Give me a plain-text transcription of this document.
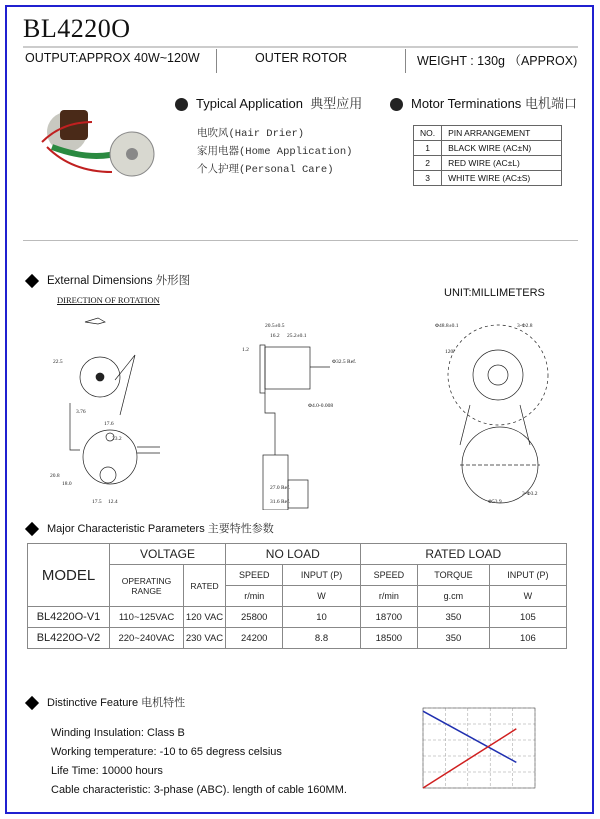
BL4220O
OUTPUT:APPROX 40W~120W	OUTER ROTOR	WEIGHT : 130g （APPROX)
Typical Application 典型应用
电吹风(Hair Drier)
家用电器(Home Application)
个人护理(Personal Care)
Motor Terminations 电机端口
NO.	PIN ARRANGEMENT
1	BLACK WIRE (AC±N)
2	RED WIRE (AC±L)
3	WHITE WIRE (AC±S)
External Dimensions 外形图
DIRECTION OF ROTATION
UNIT:MILLIMETERS
22.5
17.6
3.76
23.2
20.8
18.0
17.5 12.4
20.5±0.5
16.2 25.2±0.1
1.2
Φ32.5 Ref.
Φ4.0-0.008
27.0 Ref.
31.6 Ref.
Φ48.8±0.1	3-Φ2.8
120°
3-Φ3.2
Φ53.9
Major Characteristic Parameters 主要特性参数
MODEL	VOLTAGE		NO LOAD		RATED LOAD		
	OPERATING RANGE	RATED	SPEED	INPUT (P)	SPEED	TORQUE	INPUT (P)
			r/min	W	r/min	g.cm	W
BL4220O-V1	110~125VAC	120 VAC	25800	10	18700	350	105
BL4220O-V2	220~240VAC	230 VAC	24200	8.8	18500	350	106
Distinctive Feature 电机特性
Winding Insulation: Class B
Working temperature: -10 to 65 degress celsius
Life Time: 10000 hours
Cable characteristic: 3-phase (ABC). length of cable 160MM.
